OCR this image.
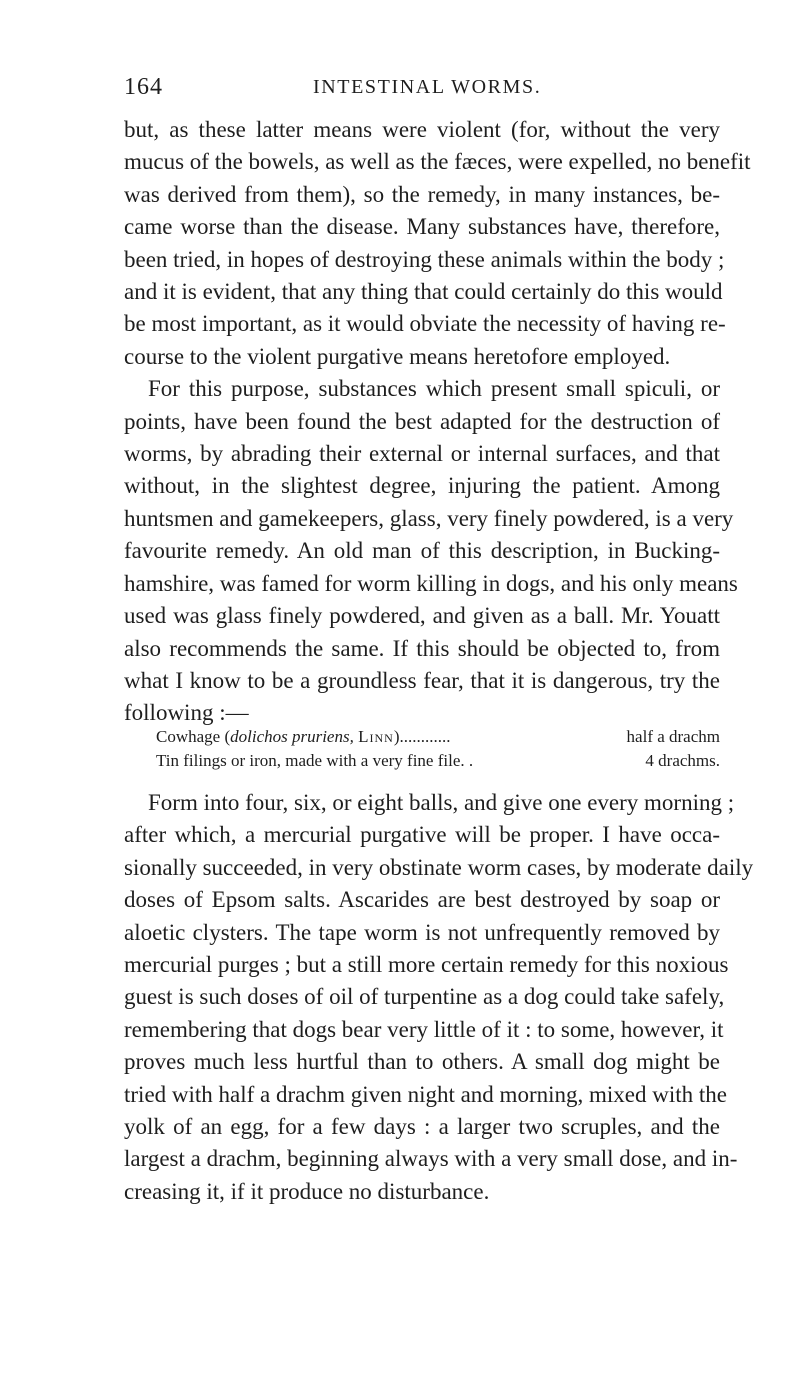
164	INTESTINAL WORMS.

but, as these latter means were violent (for, without the very
mucus of the bowels, as well as the fæces, were expelled, no benefit
was derived from them), so the remedy, in many instances, be-
came worse than the disease. Many substances have, therefore,
been tried, in hopes of destroying these animals within the body ;
and it is evident, that any thing that could certainly do this would
be most important, as it would obviate the necessity of having re-
course to the violent purgative means heretofore employed.
For this purpose, substances which present small spiculi, or
points, have been found the best adapted for the destruction of
worms, by abrading their external or internal surfaces, and that
without, in the slightest degree, injuring the patient. Among
huntsmen and gamekeepers, glass, very finely powdered, is a very
favourite remedy. An old man of this description, in Bucking-
hamshire, was famed for worm killing in dogs, and his only means
used was glass finely powdered, and given as a ball. Mr. Youatt
also recommends the same. If this should be objected to, from
what I know to be a groundless fear, that it is dangerous, try the
following :—

Cowhage (dolichos pruriens, Linn)............	half a drachm
Tin filings or iron, made with a very fine file. .	4 drachms.

Form into four, six, or eight balls, and give one every morning ;
after which, a mercurial purgative will be proper. I have occa-
sionally succeeded, in very obstinate worm cases, by moderate daily
doses of Epsom salts. Ascarides are best destroyed by soap or
aloetic clysters. The tape worm is not unfrequently removed by
mercurial purges ; but a still more certain remedy for this noxious
guest is such doses of oil of turpentine as a dog could take safely,
remembering that dogs bear very little of it : to some, however, it
proves much less hurtful than to others. A small dog might be
tried with half a drachm given night and morning, mixed with the
yolk of an egg, for a few days : a larger two scruples, and the
largest a drachm, beginning always with a very small dose, and in-
creasing it, if it produce no disturbance.
